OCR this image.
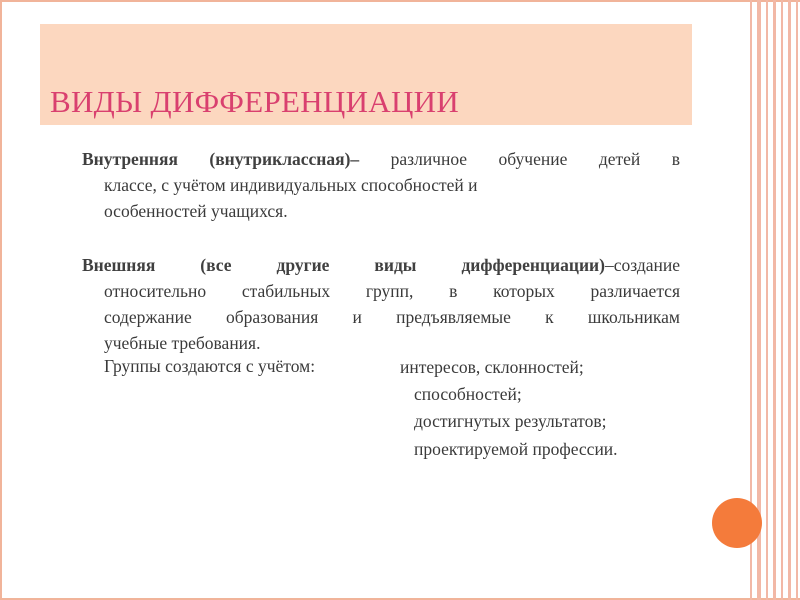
ВИДЫ ДИФФЕРЕНЦИАЦИИ
Внутренняя (внутриклассная)– различное обучение детей в
классе, с учётом индивидуальных способностей и
особенностей учащихся.
Внешняя (все другие виды дифференциации)–создание
относительно стабильных групп, в которых различается
содержание образования и предъявляемые к школьникам
учебные требования.

Группы создаются с учётом:	интересов, склонностей;
способностей;
достигнутых результатов;
проектируемой профессии.
